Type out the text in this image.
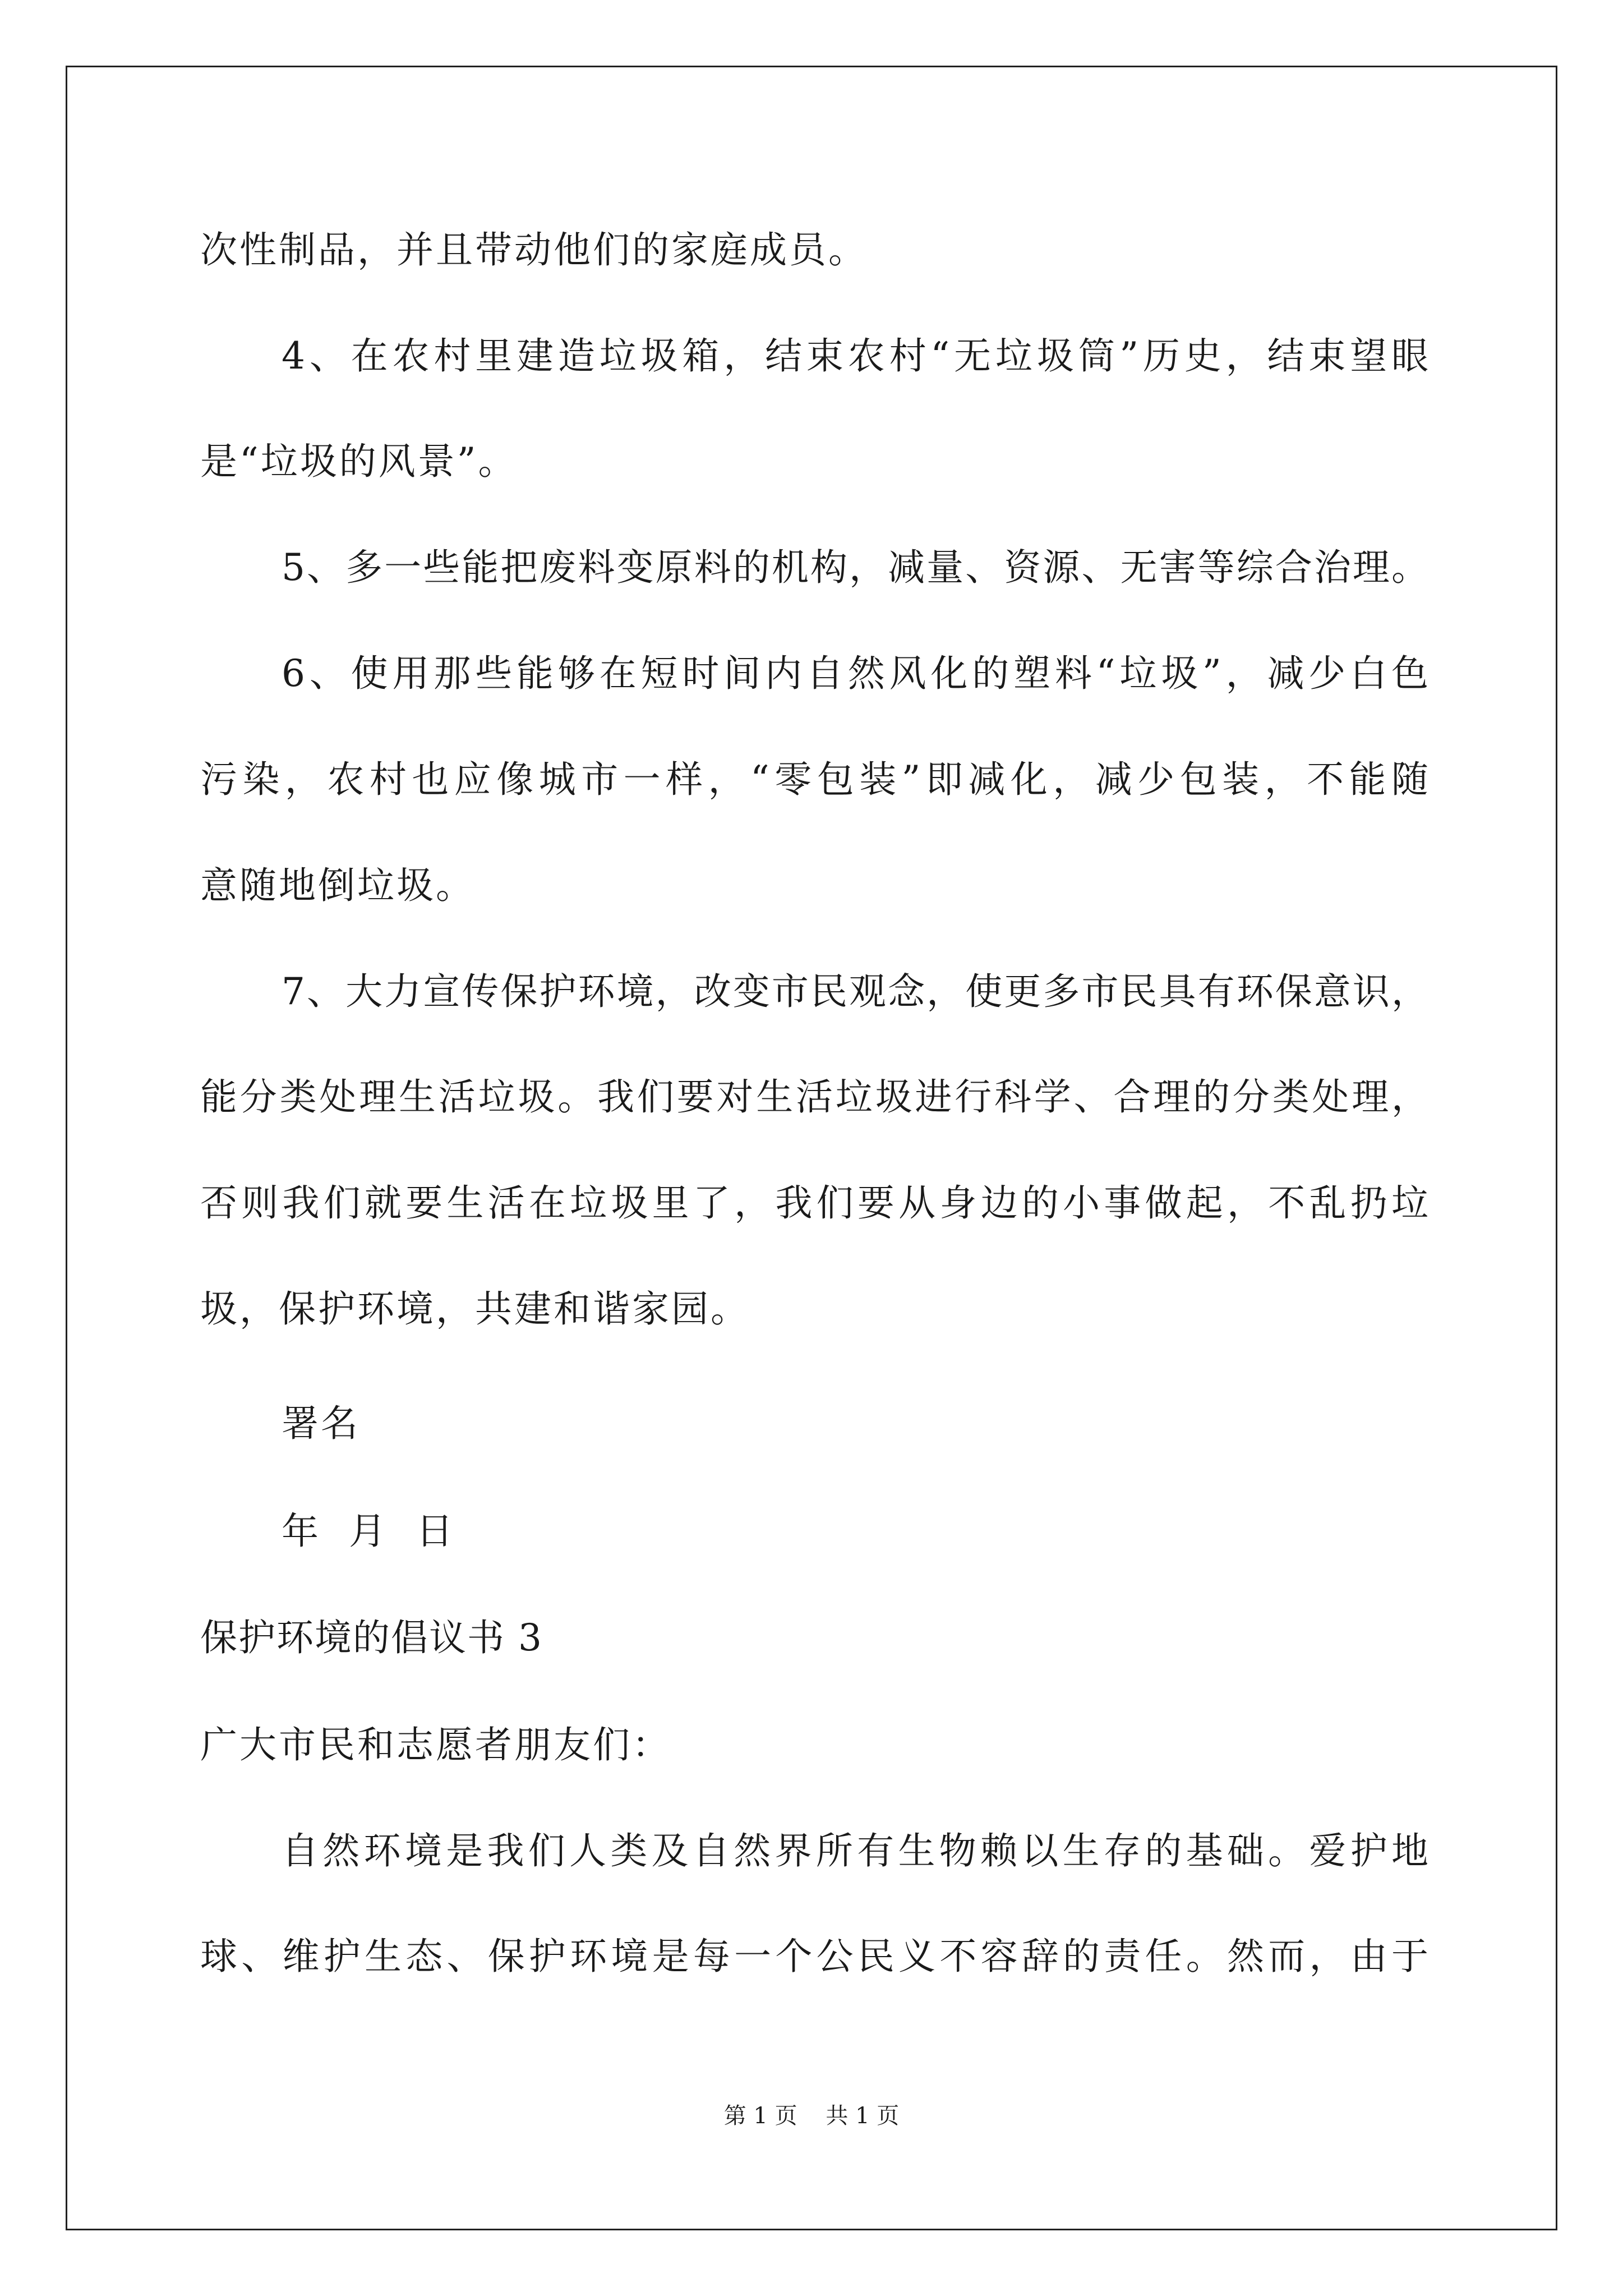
次性制品，并且带动他们的家庭成员。
4、在农村里建造垃圾箱，结束农村“无垃圾筒”历史，结束望眼
是“垃圾的风景”。
5、多一些能把废料变原料的机构，减量、资源、无害等综合治理。
6、使用那些能够在短时间内自然风化的塑料“垃圾”，减少白色
污染，农村也应像城市一样，“零包装”即减化，减少包装，不能随
意随地倒垃圾。
7、大力宣传保护环境，改变市民观念，使更多市民具有环保意识，
能分类处理生活垃圾。我们要对生活垃圾进行科学、合理的分类处理，
否则我们就要生活在垃圾里了，我们要从身边的小事做起，不乱扔垃
圾，保护环境，共建和谐家园。
署名
年  月  日
保护环境的倡议书 3
广大市民和志愿者朋友们：
自然环境是我们人类及自然界所有生物赖以生存的基础。爱护地
球、维护生态、保护环境是每一个公民义不容辞的责任。然而，由于
第 1 页    共 1 页
